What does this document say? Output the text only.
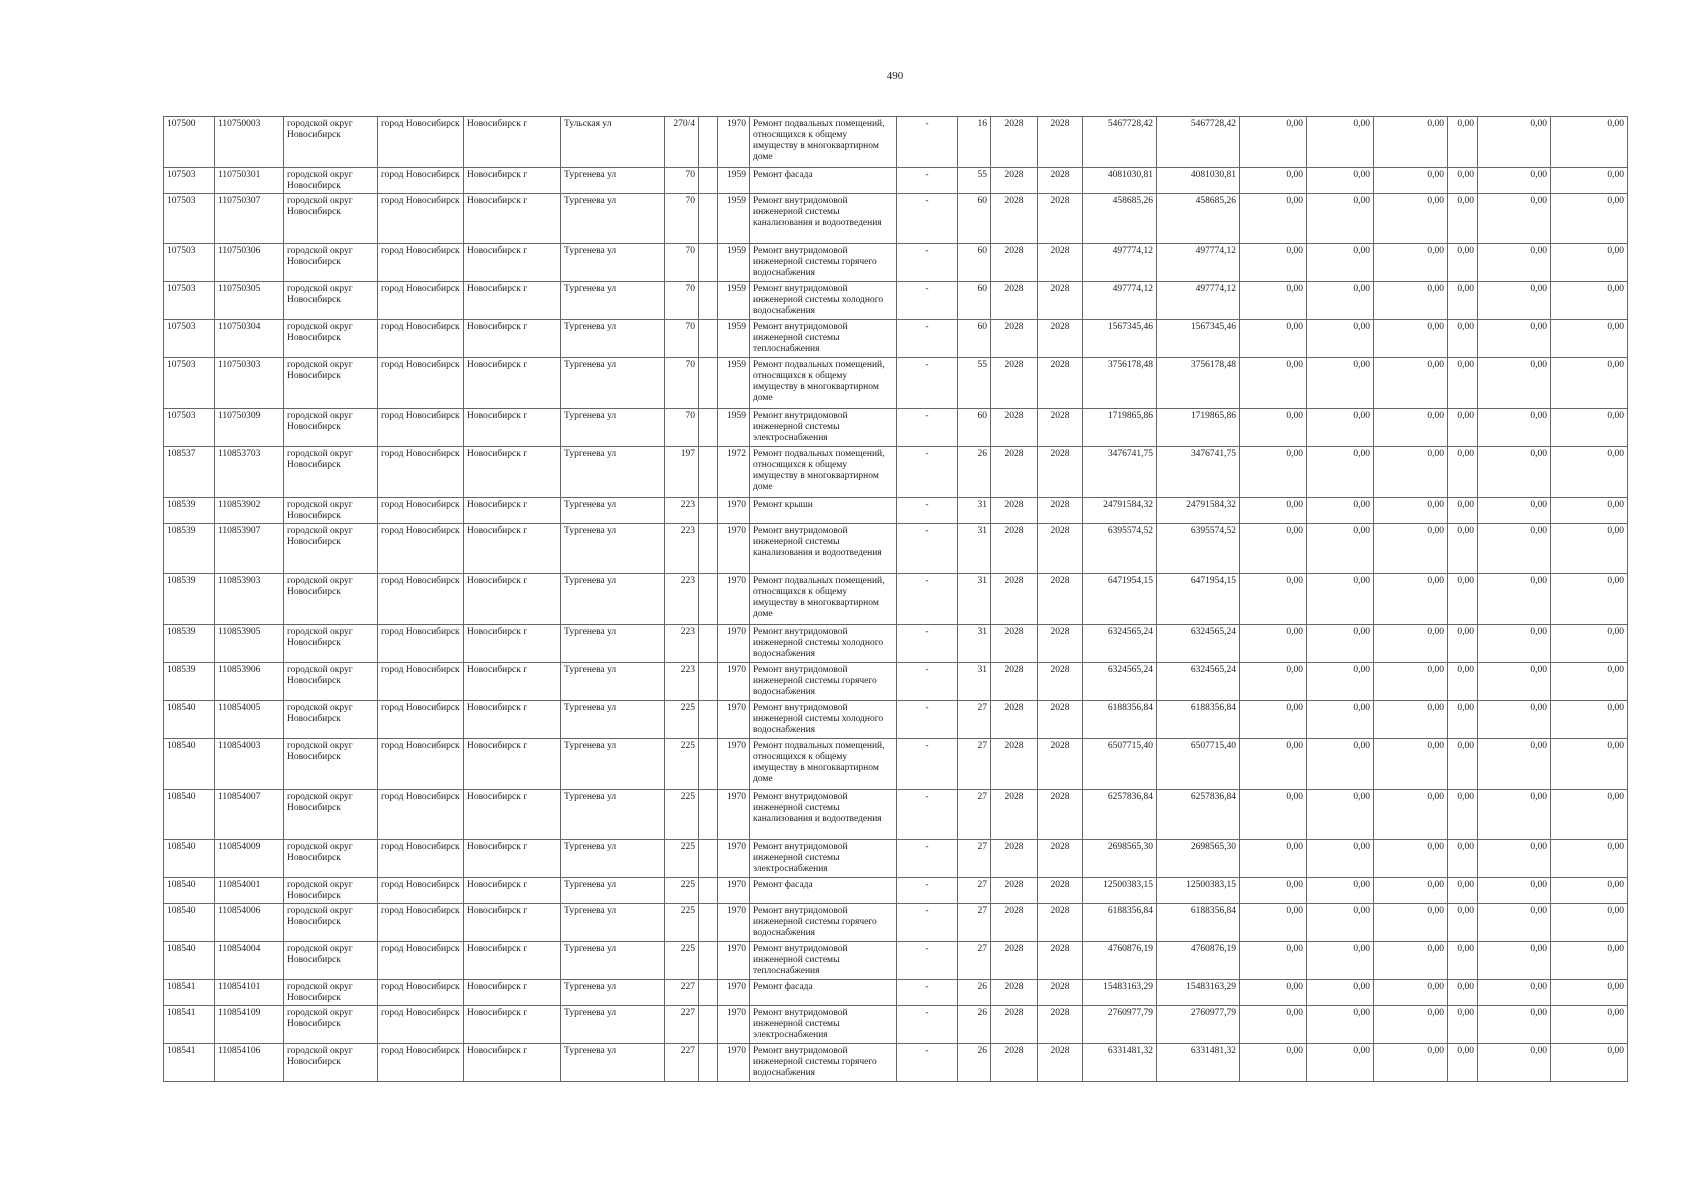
490
107500	110750003	городской округ Новосибирск	город Новосибирск	Новосибирск г	Тульская ул	270/4		1970	Ремонт подвальных помещений, относящихся к общему имуществу в многоквартирном доме	-	16	2028	2028	5467728,42	5467728,42	0,00	0,00	0,00	0,00	0,00	0,00
107503	110750301	городской округ Новосибирск	город Новосибирск	Новосибирск г	Тургенева ул	70		1959	Ремонт фасада	-	55	2028	2028	4081030,81	4081030,81	0,00	0,00	0,00	0,00	0,00	0,00
107503	110750307	городской округ Новосибирск	город Новосибирск	Новосибирск г	Тургенева ул	70		1959	Ремонт внутридомовой инженерной системы канализования и водоотведения	-	60	2028	2028	458685,26	458685,26	0,00	0,00	0,00	0,00	0,00	0,00
107503	110750306	городской округ Новосибирск	город Новосибирск	Новосибирск г	Тургенева ул	70		1959	Ремонт внутридомовой инженерной системы горячего водоснабжения	-	60	2028	2028	497774,12	497774,12	0,00	0,00	0,00	0,00	0,00	0,00
107503	110750305	городской округ Новосибирск	город Новосибирск	Новосибирск г	Тургенева ул	70		1959	Ремонт внутридомовой инженерной системы холодного водоснабжения	-	60	2028	2028	497774,12	497774,12	0,00	0,00	0,00	0,00	0,00	0,00
107503	110750304	городской округ Новосибирск	город Новосибирск	Новосибирск г	Тургенева ул	70		1959	Ремонт внутридомовой инженерной системы теплоснабжения	-	60	2028	2028	1567345,46	1567345,46	0,00	0,00	0,00	0,00	0,00	0,00
107503	110750303	городской округ Новосибирск	город Новосибирск	Новосибирск г	Тургенева ул	70		1959	Ремонт подвальных помещений, относящихся к общему имуществу в многоквартирном доме	-	55	2028	2028	3756178,48	3756178,48	0,00	0,00	0,00	0,00	0,00	0,00
107503	110750309	городской округ Новосибирск	город Новосибирск	Новосибирск г	Тургенева ул	70		1959	Ремонт внутридомовой инженерной системы электроснабжения	-	60	2028	2028	1719865,86	1719865,86	0,00	0,00	0,00	0,00	0,00	0,00
108537	110853703	городской округ Новосибирск	город Новосибирск	Новосибирск г	Тургенева ул	197		1972	Ремонт подвальных помещений, относящихся к общему имуществу в многоквартирном доме	-	26	2028	2028	3476741,75	3476741,75	0,00	0,00	0,00	0,00	0,00	0,00
108539	110853902	городской округ Новосибирск	город Новосибирск	Новосибирск г	Тургенева ул	223		1970	Ремонт крыши	-	31	2028	2028	24791584,32	24791584,32	0,00	0,00	0,00	0,00	0,00	0,00
108539	110853907	городской округ Новосибирск	город Новосибирск	Новосибирск г	Тургенева ул	223		1970	Ремонт внутридомовой инженерной системы канализования и водоотведения	-	31	2028	2028	6395574,52	6395574,52	0,00	0,00	0,00	0,00	0,00	0,00
108539	110853903	городской округ Новосибирск	город Новосибирск	Новосибирск г	Тургенева ул	223		1970	Ремонт подвальных помещений, относящихся к общему имуществу в многоквартирном доме	-	31	2028	2028	6471954,15	6471954,15	0,00	0,00	0,00	0,00	0,00	0,00
108539	110853905	городской округ Новосибирск	город Новосибирск	Новосибирск г	Тургенева ул	223		1970	Ремонт внутридомовой инженерной системы холодного водоснабжения	-	31	2028	2028	6324565,24	6324565,24	0,00	0,00	0,00	0,00	0,00	0,00
108539	110853906	городской округ Новосибирск	город Новосибирск	Новосибирск г	Тургенева ул	223		1970	Ремонт внутридомовой инженерной системы горячего водоснабжения	-	31	2028	2028	6324565,24	6324565,24	0,00	0,00	0,00	0,00	0,00	0,00
108540	110854005	городской округ Новосибирск	город Новосибирск	Новосибирск г	Тургенева ул	225		1970	Ремонт внутридомовой инженерной системы холодного водоснабжения	-	27	2028	2028	6188356,84	6188356,84	0,00	0,00	0,00	0,00	0,00	0,00
108540	110854003	городской округ Новосибирск	город Новосибирск	Новосибирск г	Тургенева ул	225		1970	Ремонт подвальных помещений, относящихся к общему имуществу в многоквартирном доме	-	27	2028	2028	6507715,40	6507715,40	0,00	0,00	0,00	0,00	0,00	0,00
108540	110854007	городской округ Новосибирск	город Новосибирск	Новосибирск г	Тургенева ул	225		1970	Ремонт внутридомовой инженерной системы канализования и водоотведения	-	27	2028	2028	6257836,84	6257836,84	0,00	0,00	0,00	0,00	0,00	0,00
108540	110854009	городской округ Новосибирск	город Новосибирск	Новосибирск г	Тургенева ул	225		1970	Ремонт внутридомовой инженерной системы электроснабжения	-	27	2028	2028	2698565,30	2698565,30	0,00	0,00	0,00	0,00	0,00	0,00
108540	110854001	городской округ Новосибирск	город Новосибирск	Новосибирск г	Тургенева ул	225		1970	Ремонт фасада	-	27	2028	2028	12500383,15	12500383,15	0,00	0,00	0,00	0,00	0,00	0,00
108540	110854006	городской округ Новосибирск	город Новосибирск	Новосибирск г	Тургенева ул	225		1970	Ремонт внутридомовой инженерной системы горячего водоснабжения	-	27	2028	2028	6188356,84	6188356,84	0,00	0,00	0,00	0,00	0,00	0,00
108540	110854004	городской округ Новосибирск	город Новосибирск	Новосибирск г	Тургенева ул	225		1970	Ремонт внутридомовой инженерной системы теплоснабжения	-	27	2028	2028	4760876,19	4760876,19	0,00	0,00	0,00	0,00	0,00	0,00
108541	110854101	городской округ Новосибирск	город Новосибирск	Новосибирск г	Тургенева ул	227		1970	Ремонт фасада	-	26	2028	2028	15483163,29	15483163,29	0,00	0,00	0,00	0,00	0,00	0,00
108541	110854109	городской округ Новосибирск	город Новосибирск	Новосибирск г	Тургенева ул	227		1970	Ремонт внутридомовой инженерной системы электроснабжения	-	26	2028	2028	2760977,79	2760977,79	0,00	0,00	0,00	0,00	0,00	0,00
108541	110854106	городской округ Новосибирск	город Новосибирск	Новосибирск г	Тургенева ул	227		1970	Ремонт внутридомовой инженерной системы горячего водоснабжения	-	26	2028	2028	6331481,32	6331481,32	0,00	0,00	0,00	0,00	0,00	0,00
